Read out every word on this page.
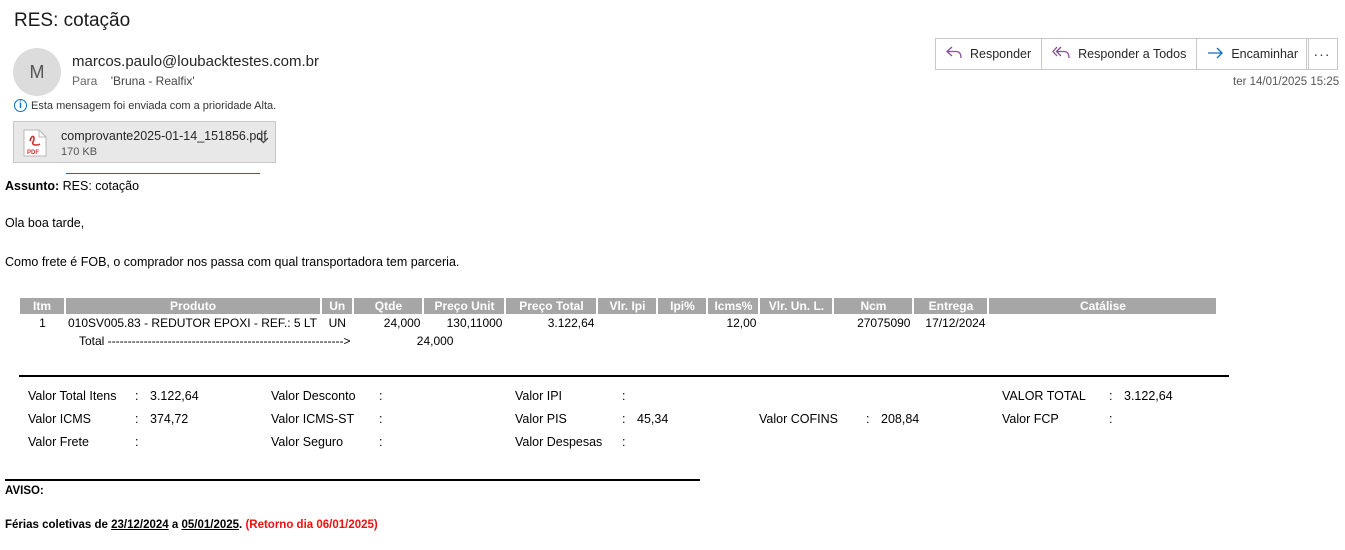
RES: cotação
M marcos.paulo@loubacktestes.com.br
Para 'Bruna - Realfix'
i Esta mensagem foi enviada com a prioridade Alta.
PDF
comprovante2025-01-14_151856.pdf
170 KB
Responder	Responder a Todos	Encaminhar	···
ter 14/01/2025 15:25
Assunto: RES: cotação
Ola boa tarde,
Como frete é FOB, o comprador nos passa com qual transportadora tem parceria.
Itm	Produto	Un	Qtde	Preço Unit	Preço Total	Vlr. Ipi	Ipi%	Icms%	Vlr. Un. L.	Ncm	Entrega	Catálise
1	010SV005.83 - REDUTOR EPOXI - REF.: 5 LT	UN	24,000	130,11000	3.122,64			12,00		27075090	17/12/2024	
	Total ----------------------------------------------------------->		24,000									
Valor Total Itens : 3.122,64	Valor Desconto :	Valor IPI	:	VALOR TOTAL : 3.122,64
Valor ICMS	: 374,72	Valor ICMS-ST :	Valor PIS	: 45,34	Valor COFINS : 208,84	Valor FCP	:
Valor Frete	:	Valor Seguro	:	Valor Despesas :
AVISO:
Férias coletivas de 23/12/2024 a 05/01/2025. (Retorno dia 06/01/2025)
